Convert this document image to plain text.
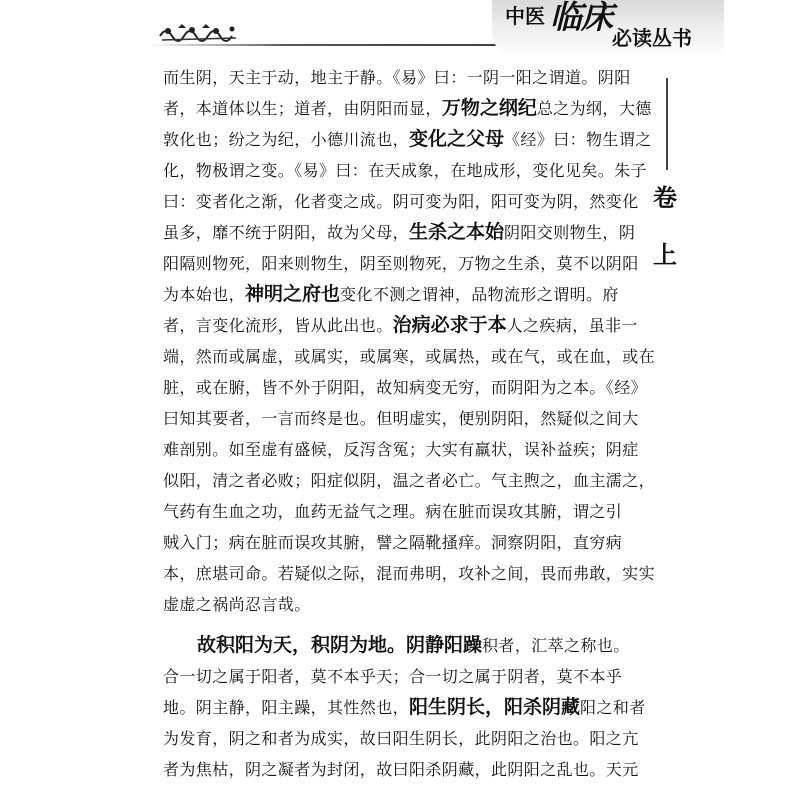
中医 临床
必读丛书
卷
上
而生阴，天主于动，地主于静。《易》曰：一阴一阳之谓道。阴阳
者，本道体以生；道者，由阴阳而显，万物之纲纪总之为纲，大德
敦化也；纷之为纪，小德川流也，变化之父母《经》曰：物生谓之
化，物极谓之变。《易》曰：在天成象，在地成形，变化见矣。朱子
曰：变者化之渐，化者变之成。阴可变为阳，阳可变为阴，然变化
虽多，靡不统于阴阳，故为父母，生杀之本始阴阳交则物生，阴
阳隔则物死，阳来则物生，阴至则物死，万物之生杀，莫不以阴阳
为本始也，神明之府也变化不测之谓神，品物流形之谓明。府
者，言变化流形，皆从此出也。治病必求于本人之疾病，虽非一
端，然而或属虚，或属实，或属寒，或属热，或在气，或在血，或在
脏，或在腑，皆不外于阴阳，故知病变无穷，而阴阳为之本。《经》
曰知其要者，一言而终是也。但明虚实，便别阴阳，然疑似之间大
难剖别。如至虚有盛候，反泻含冤；大实有羸状，误补益疾；阴症
似阳，清之者必败；阳症似阴，温之者必亡。气主煦之，血主濡之，
气药有生血之功，血药无益气之理。病在脏而误攻其腑，谓之引
贼入门；病在脏而误攻其腑，譬之隔靴搔痒。洞察阴阳，直穷病
本，庶堪司命。若疑似之际，混而弗明，攻补之间，畏而弗敢，实实
虚虚之祸尚忍言哉。
故积阳为天，积阴为地。阴静阳躁积者，汇萃之称也。
合一切之属于阳者，莫不本乎天；合一切之属于阴者，莫不本乎
地。阴主静，阳主躁，其性然也，阳生阴长，阳杀阴藏阳之和者
为发育，阴之和者为成实，故曰阳生阴长，此阴阳之治也。阳之亢
者为焦枯，阴之凝者为封闭，故曰阳杀阴藏，此阴阳之乱也。天元
